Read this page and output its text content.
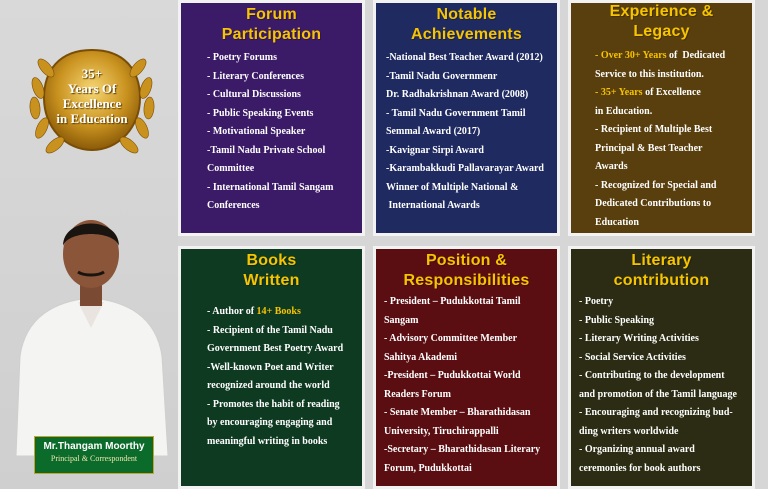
35+
Years Of
Excellence
in Education
Mr.Thangam Moorthy
Principal & Correspondent
Forum
Participation
- Poetry Forums
- Literary Conferences
- Cultural Discussions
- Public Speaking Events
- Motivational Speaker
-Tamil Nadu Private School
Committee
- International Tamil Sangam
Conferences
Notable
Achievements
-National Best Teacher Award (2012)
-Tamil Nadu Governmenr
Dr. Radhakrishnan Award (2008)
- Tamil Nadu Government Tamil
Semmal Award (2017)
-Kavignar Sirpi Award
-Karambakkudi Pallavarayar Award
Winner of Multiple National &
International Awards
Experience &
Legacy
- Over 30+ Years of  Dedicated
Service to this institution.
- 35+ Years of Excellence
in Education.
- Recipient of Multiple Best
Principal & Best Teacher
Awards
- Recognized for Special and
Dedicated Contributions to
Education
Books
Written
- Author of 14+ Books
- Recipient of the Tamil Nadu
Government Best Poetry Award
-Well-known Poet and Writer
recognized around the world
- Promotes the habit of reading
by encouraging engaging and
meaningful writing in books
Position &
Responsibilities
- President – Pudukkottai Tamil
Sangam
- Advisory Committee Member
Sahitya Akademi
-President – Pudukkottai World
Readers Forum
- Senate Member – Bharathidasan
University, Tiruchirappalli
-Secretary – Bharathidasan Literary
Forum, Pudukkottai
Literary
contribution
- Poetry
- Public Speaking
- Literary Writing Activities
- Social Service Activities
- Contributing to the development
and promotion of the Tamil language
- Encouraging and recognizing bud-
ding writers worldwide
- Organizing annual award
ceremonies for book authors
